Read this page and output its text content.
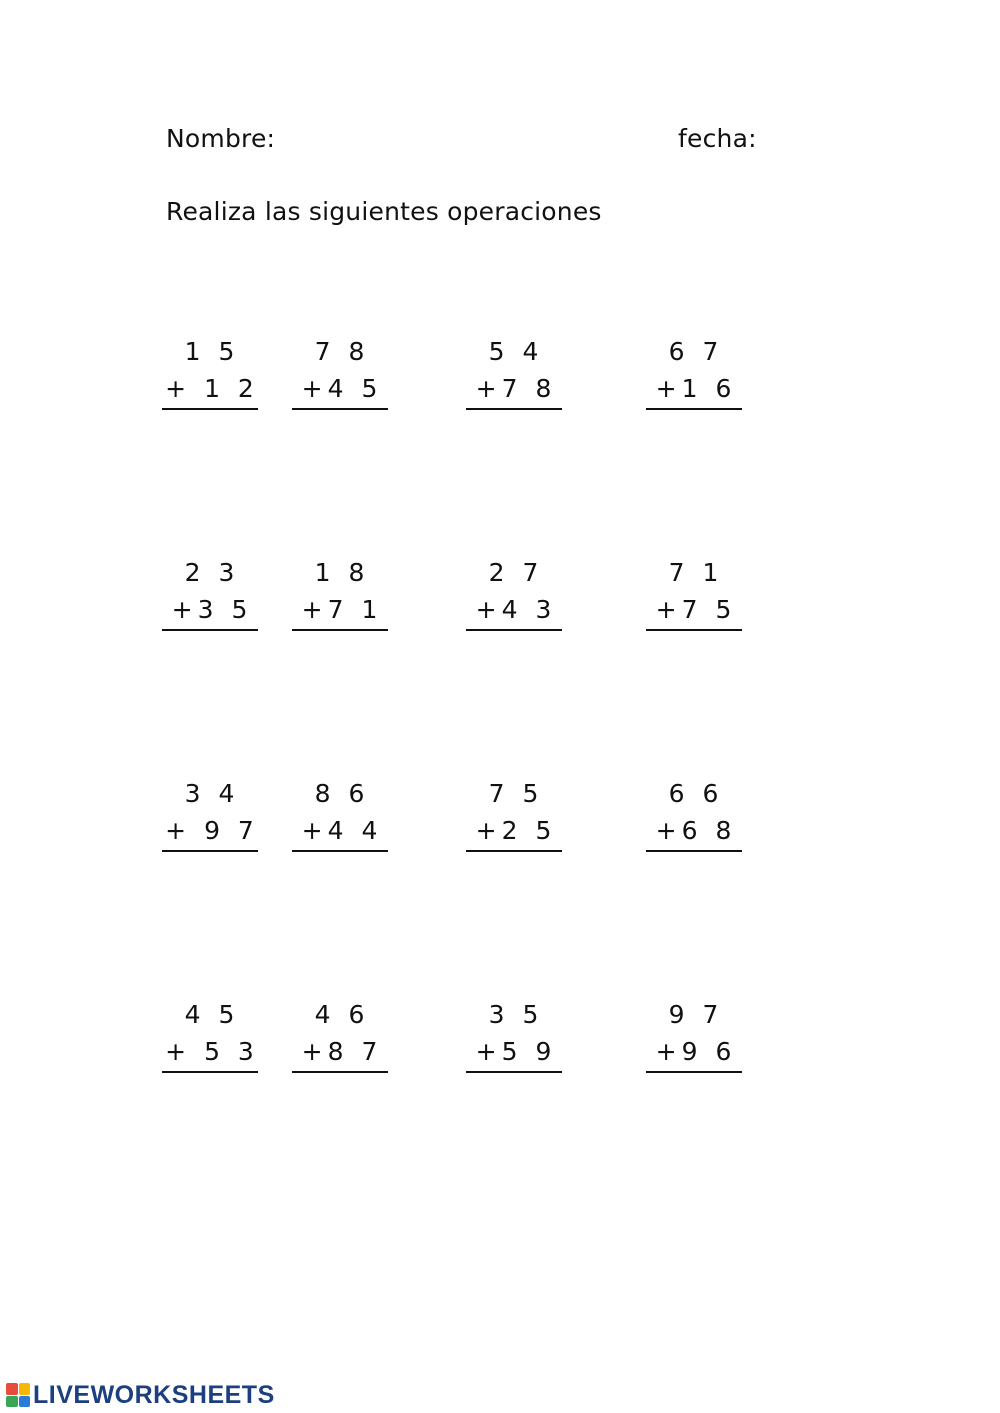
Nombre:	fecha:
Realiza las siguientes operaciones
1 5
+ 1 2
7 8
+4 5
5 4
+7 8
6 7
+1 6
2 3
+3 5
1 8
+7 1
2 7
+4 3
7 1
+7 5
3 4
+ 9 7
8 6
+4 4
7 5
+2 5
6 6
+6 8
4 5
+ 5 3
4 6
+8 7
3 5
+5 9
9 7
+9 6
LIVEWORKSHEETS
